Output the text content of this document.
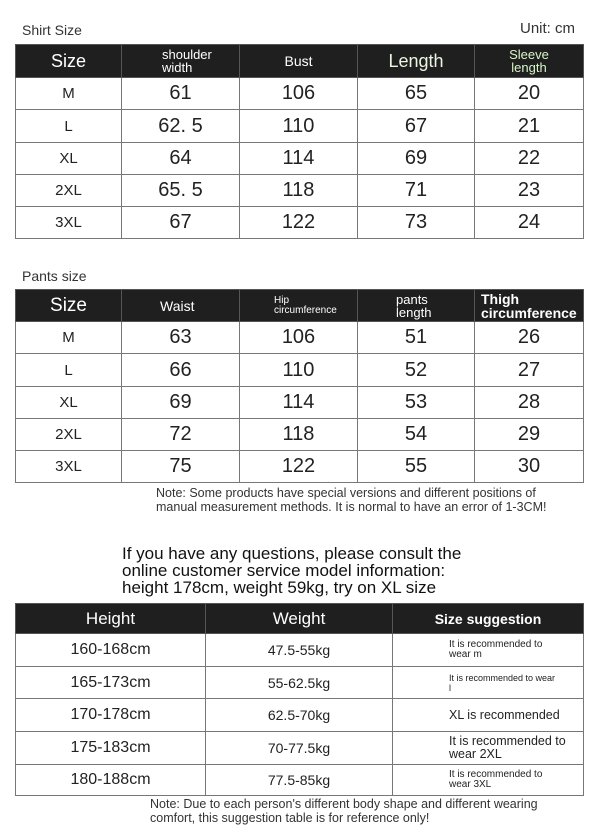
Shirt Size	Unit: cm
Size	shoulder width	Bust	Length	Sleeve length

M	61	106	65	20
L	62. 5	110	67	21
XL	64	114	69	22
2XL	65. 5	118	71	23
3XL	67	122	73	24
Pants size
Size	Waist	Hip circumference	pants length	Thigh circumference

M	63	106	51	26
L	66	110	52	27
XL	69	114	53	28
2XL	72	118	54	29
3XL	75	122	55	30
Note: Some products have special versions and different positions of
manual measurement methods. It is normal to have an error of 1-3CM!
If you have any questions, please consult the
online customer service model information:
height 178cm, weight 59kg, try on XL size
Height	Weight	Size suggestion
160-168cm	47.5-55kg	It is recommended to wear m

165-173cm	55-62.5kg	It is recommended to wear l

170-178cm	62.5-70kg	XL is recommended
175-183cm	70-77.5kg	It is recommended to wear 2XL

180-188cm	77.5-85kg	It is recommended to wear 3XL
Note: Due to each person's different body shape and different wearing
comfort, this suggestion table is for reference only!
